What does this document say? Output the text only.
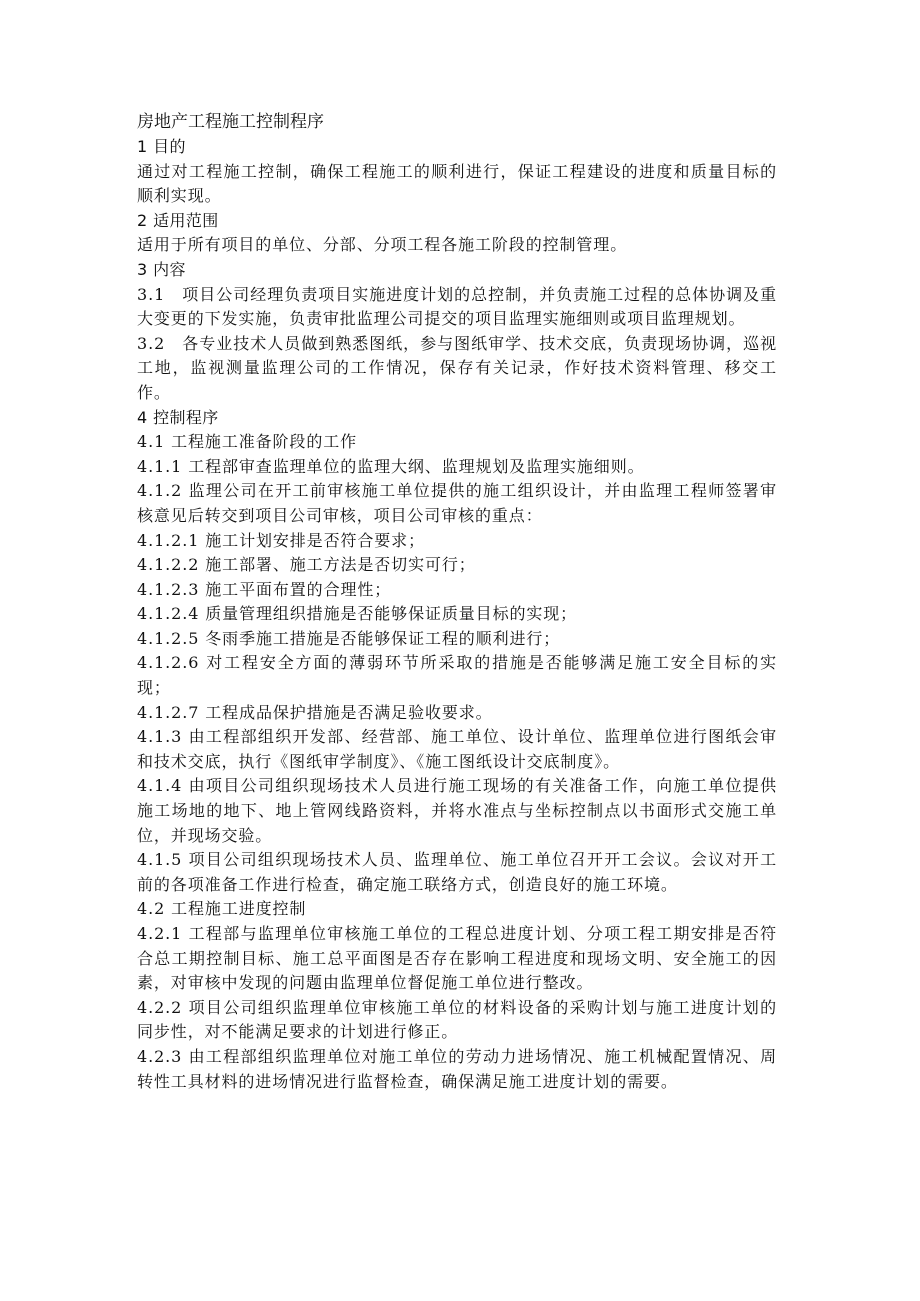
房地产工程施工控制程序

1 目的

通过对工程施工控制，确保工程施工的顺利进行，保证工程建设的进度和质量目标的顺利实现。

2 适用范围

适用于所有项目的单位、分部、分项工程各施工阶段的控制管理。

3 内容

3.1　项目公司经理负责项目实施进度计划的总控制，并负责施工过程的总体协调及重大变更的下发实施，负责审批监理公司提交的项目监理实施细则或项目监理规划。

3.2　各专业技术人员做到熟悉图纸，参与图纸审学、技术交底，负责现场协调，巡视工地，监视测量监理公司的工作情况，保存有关记录，作好技术资料管理、移交工作。

4 控制程序

4.1 工程施工准备阶段的工作

4.1.1 工程部审查监理单位的监理大纲、监理规划及监理实施细则。

4.1.2 监理公司在开工前审核施工单位提供的施工组织设计，并由监理工程师签署审核意见后转交到项目公司审核，项目公司审核的重点：

4.1.2.1 施工计划安排是否符合要求；

4.1.2.2 施工部署、施工方法是否切实可行；

4.1.2.3 施工平面布置的合理性；

4.1.2.4 质量管理组织措施是否能够保证质量目标的实现；

4.1.2.5 冬雨季施工措施是否能够保证工程的顺利进行；

4.1.2.6 对工程安全方面的薄弱环节所采取的措施是否能够满足施工安全目标的实现；

4.1.2.7 工程成品保护措施是否满足验收要求。

4.1.3 由工程部组织开发部、经营部、施工单位、设计单位、监理单位进行图纸会审和技术交底，执行《图纸审学制度》、《施工图纸设计交底制度》。

4.1.4 由项目公司组织现场技术人员进行施工现场的有关准备工作，向施工单位提供施工场地的地下、地上管网线路资料，并将水准点与坐标控制点以书面形式交施工单位，并现场交验。

4.1.5 项目公司组织现场技术人员、监理单位、施工单位召开开工会议。会议对开工前的各项准备工作进行检查，确定施工联络方式，创造良好的施工环境。

4.2 工程施工进度控制

4.2.1 工程部与监理单位审核施工单位的工程总进度计划、分项工程工期安排是否符合总工期控制目标、施工总平面图是否存在影响工程进度和现场文明、安全施工的因素，对审核中发现的问题由监理单位督促施工单位进行整改。

4.2.2 项目公司组织监理单位审核施工单位的材料设备的采购计划与施工进度计划的同步性，对不能满足要求的计划进行修正。

4.2.3 由工程部组织监理单位对施工单位的劳动力进场情况、施工机械配置情况、周转性工具材料的进场情况进行监督检查，确保满足施工进度计划的需要。
